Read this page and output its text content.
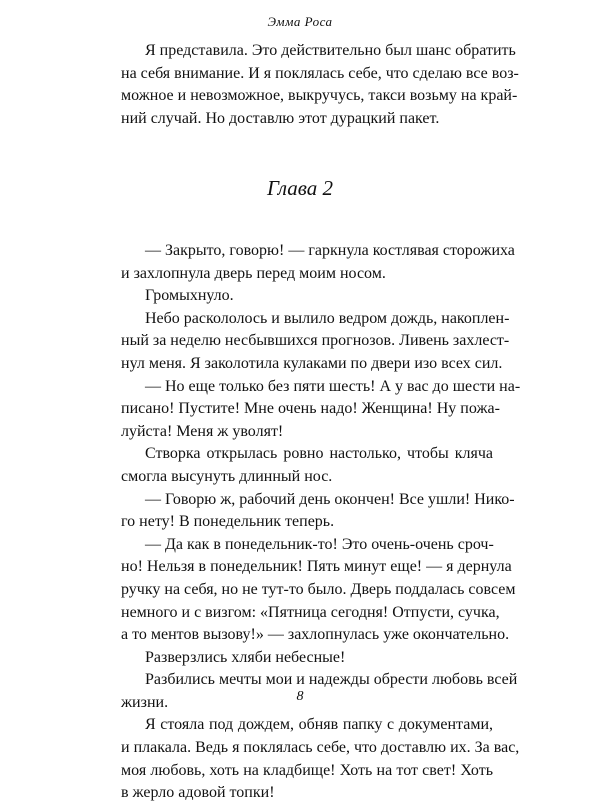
Эмма Роса
Я представила. Это действительно был шанс обратить
на себя внимание. И я поклялась себе, что сделаю все воз-
можное и невозможное, выкручусь, такси возьму на край-
ний случай. Но доставлю этот дурацкий пакет.
Глава 2
— Закрыто, говорю! — гаркнула костлявая сторожиха
и захлопнула дверь перед моим носом.
Громыхнуло.
Небо раскололось и вылило ведром дождь, накоплен-
ный за неделю несбывшихся прогнозов. Ливень захлест-
нул меня. Я заколотила кулаками по двери изо всех сил.
— Но еще только без пяти шесть! А у вас до шести на-
писано! Пустите! Мне очень надо! Женщина! Ну пожа-
луйста! Меня ж уволят!
Створка открылась ровно настолько, чтобы кляча
смогла высунуть длинный нос.
— Говорю ж, рабочий день окончен! Все ушли! Нико-
го нету! В понедельник теперь.
— Да как в понедельник-то! Это очень-очень сроч-
но! Нельзя в понедельник! Пять минут еще! — я дернула
ручку на себя, но не тут-то было. Дверь поддалась совсем
немного и с визгом: «Пятница сегодня! Отпусти, сучка,
а то ментов вызову!» — захлопнулась уже окончательно.
Разверзлись хляби небесные!
Разбились мечты мои и надежды обрести любовь всей
жизни.
Я стояла под дождем, обняв папку с документами,
и плакала. Ведь я поклялась себе, что доставлю их. За вас,
моя любовь, хоть на кладбище! Хоть на тот свет! Хоть
в жерло адовой топки!
8
